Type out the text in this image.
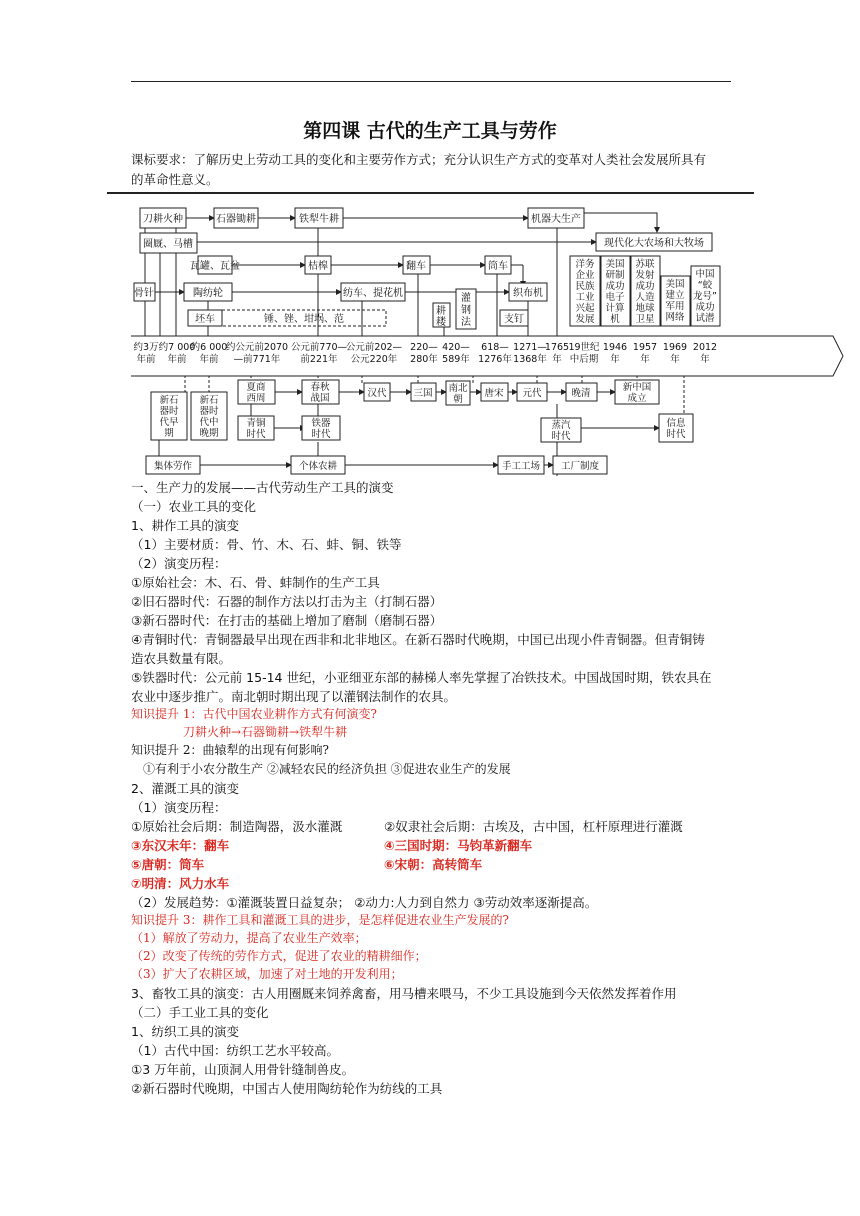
第四课 古代的生产工具与劳作
课标要求：了解历史上劳动工具的变化和主要劳作方式；充分认识生产方式的变革对人类社会发展所具有
的革命性意义。
刀耕火种	石器锄耕	铁犁牛耕	机器大生产
圈厩、马槽	现代化大农场和大牧场
瓦罐、瓦盆	桔槔	翻车	筒车
骨针	陶纺轮	纺车、提花机	织布机
坯车	锤、锉、坩埚、范
耕
耧
灌
钢
法	支钉
洋务
企业
民族
工业
兴起
发展
美国
研制
成功
电子
计算
机
苏联
发射
成功
人造
地球
卫星
美国
建立
军用
网络
中国
“蛟
龙号”
成功
试潜
约3万
年前
约7 000
年前
约6 000
年前
约公元前2070
—前771年
公元前770—
前221年
公元前202—
公元220年
220—
280年
420—
589年
618—
1276年
1271—
1368年
1765
年
19世纪
中后期
1946
年
1957
年
1969
年
2012
年
新石
器时
代早
期
新石
器时
代中
晚期
夏商
西周
春秋
战国	汉代	三国 南北
朝
唐宋 元代	晚清
新中国
成立
青铜
时代
铁器
时代
蒸汽
时代
信息
时代
集体劳作	个体农耕	手工工场 工厂制度
一、生产力的发展——古代劳动生产工具的演变
（一）农业工具的变化
1、耕作工具的演变
（1）主要材质：骨、竹、木、石、蚌、铜、铁等
（2）演变历程：
①原始社会：木、石、骨、蚌制作的生产工具
②旧石器时代：石器的制作方法以打击为主（打制石器）
③新石器时代：在打击的基础上增加了磨制（磨制石器）
④青铜时代：青铜器最早出现在西非和北非地区。在新石器时代晚期，中国已出现小件青铜器。但青铜铸
造农具数量有限。
⑤铁器时代：公元前 15-14 世纪，小亚细亚东部的赫梯人率先掌握了冶铁技术。中国战国时期，铁农具在
农业中逐步推广。南北朝时期出现了以灌钢法制作的农具。
知识提升 1：古代中国农业耕作方式有何演变?
刀耕火种→石器锄耕→铁犁牛耕
知识提升 2：曲辕犁的出现有何影响?
①有利于小农分散生产 ②减轻农民的经济负担 ③促进农业生产的发展
2、灌溉工具的演变
（1）演变历程：
①原始社会后期：制造陶器，汲水灌溉	②奴隶社会后期：古埃及，古中国，杠杆原理进行灌溉
③东汉末年：翻车	④三国时期：马钧革新翻车
⑤唐朝：筒车	⑥宋朝：高转筒车
⑦明清：风力水车
（2）发展趋势：①灌溉装置日益复杂； ②动力:人力到自然力 ③劳动效率逐渐提高。
知识提升 3：耕作工具和灌溉工具的进步，是怎样促进农业生产发展的?
（1）解放了劳动力，提高了农业生产效率；
（2）改变了传统的劳作方式，促进了农业的精耕细作；
（3）扩大了农耕区域，加速了对土地的开发利用；
3、畜牧工具的演变：古人用圈厩来饲养禽畜，用马槽来喂马，不少工具设施到今天依然发挥着作用
（二）手工业工具的变化
1、纺织工具的演变
（1）古代中国：纺织工艺水平较高。
①3 万年前，山顶洞人用骨针缝制兽皮。
②新石器时代晚期，中国古人使用陶纺轮作为纺线的工具
